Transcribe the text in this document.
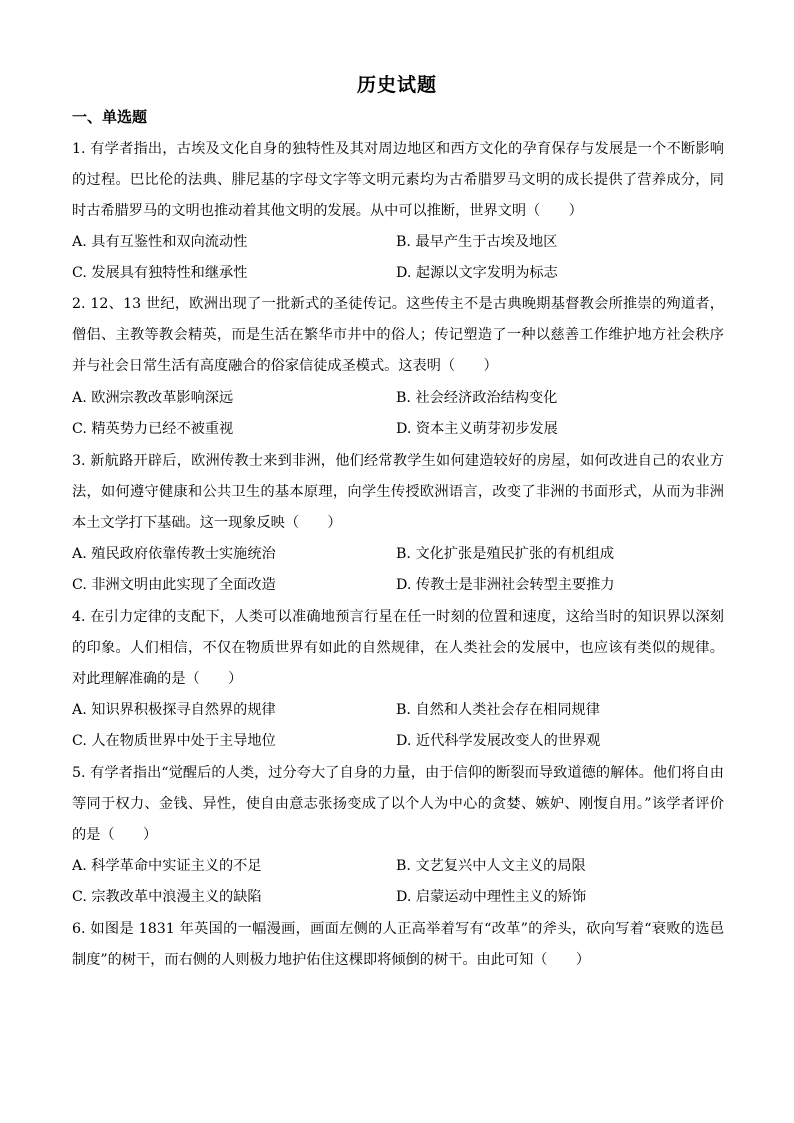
历史试题
一、单选题
1. 有学者指出，古埃及文化自身的独特性及其对周边地区和西方文化的孕育保存与发展是一个不断影响的过程。巴比伦的法典、腓尼基的字母文字等文明元素均为古希腊罗马文明的成长提供了营养成分，同时古希腊罗马的文明也推动着其他文明的发展。从中可以推断，世界文明（　　）
A. 具有互鉴性和双向流动性	B. 最早产生于古埃及地区
C. 发展具有独特性和继承性	D. 起源以文字发明为标志
2. 12、13 世纪，欧洲出现了一批新式的圣徒传记。这些传主不是古典晚期基督教会所推崇的殉道者，僧侣、主教等教会精英，而是生活在繁华市井中的俗人；传记塑造了一种以慈善工作维护地方社会秩序并与社会日常生活有高度融合的俗家信徒成圣模式。这表明（　　）
A. 欧洲宗教改革影响深远	B. 社会经济政治结构变化
C. 精英势力已经不被重视	D. 资本主义萌芽初步发展
3. 新航路开辟后，欧洲传教士来到非洲，他们经常教学生如何建造较好的房屋，如何改进自己的农业方法，如何遵守健康和公共卫生的基本原理，向学生传授欧洲语言，改变了非洲的书面形式，从而为非洲本土文学打下基础。这一现象反映（　　）
A. 殖民政府依靠传教士实施统治	B. 文化扩张是殖民扩张的有机组成
C. 非洲文明由此实现了全面改造	D. 传教士是非洲社会转型主要推力
4. 在引力定律的支配下，人类可以准确地预言行星在任一时刻的位置和速度，这给当时的知识界以深刻的印象。人们相信，不仅在物质世界有如此的自然规律，在人类社会的发展中，也应该有类似的规律。对此理解准确的是（　　）
A. 知识界积极探寻自然界的规律	B. 自然和人类社会存在相同规律
C. 人在物质世界中处于主导地位	D. 近代科学发展改变人的世界观
5. 有学者指出“觉醒后的人类，过分夸大了自身的力量，由于信仰的断裂而导致道德的解体。他们将自由等同于权力、金钱、异性，使自由意志张扬变成了以个人为中心的贪婪、嫉妒、刚愎自用。”该学者评价的是（　　）
A. 科学革命中实证主义的不足	B. 文艺复兴中人文主义的局限
C. 宗教改革中浪漫主义的缺陷	D. 启蒙运动中理性主义的矫饰
6. 如图是 1831 年英国的一幅漫画，画面左侧的人正高举着写有“改革”的斧头，砍向写着“衰败的选邑制度”的树干，而右侧的人则极力地护佑住这棵即将倾倒的树干。由此可知（　　）
